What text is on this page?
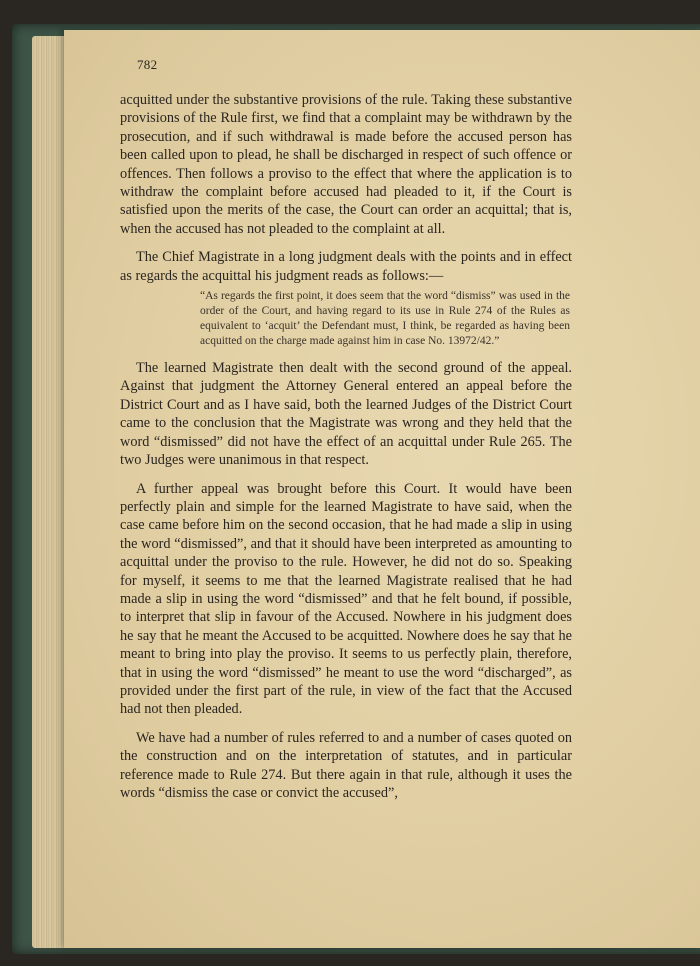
782

acquitted under the substantive provisions of the rule. Taking these substantive provisions of the Rule first, we find that a complaint may be withdrawn by the prosecution, and if such withdrawal is made before the accused person has been called upon to plead, he shall be discharged in respect of such offence or offences. Then follows a proviso to the effect that where the application is to withdraw the complaint before accused had pleaded to it, if the Court is satisfied upon the merits of the case, the Court can order an acquittal; that is, when the accused has not pleaded to the complaint at all.

The Chief Magistrate in a long judgment deals with the points and in effect as regards the acquittal his judgment reads as follows:—

“As regards the first point, it does seem that the word “dismiss” was used in the order of the Court, and having regard to its use in Rule 274 of the Rules as equivalent to ‘acquit’ the Defendant must, I think, be regarded as having been acquitted on the charge made against him in case No. 13972/42.”

The learned Magistrate then dealt with the second ground of the appeal. Against that judgment the Attorney General entered an appeal before the District Court and as I have said, both the learned Judges of the District Court came to the conclusion that the Magistrate was wrong and they held that the word “dismissed” did not have the effect of an acquittal under Rule 265. The two Judges were unanimous in that respect.

A further appeal was brought before this Court. It would have been perfectly plain and simple for the learned Magistrate to have said, when the case came before him on the second occasion, that he had made a slip in using the word “dismissed”, and that it should have been interpreted as amounting to acquittal under the proviso to the rule. However, he did not do so. Speaking for myself, it seems to me that the learned Magistrate realised that he had made a slip in using the word “dismissed” and that he felt bound, if possible, to interpret that slip in favour of the Accused. Nowhere in his judgment does he say that he meant the Accused to be acquitted. Nowhere does he say that he meant to bring into play the proviso. It seems to us perfectly plain, therefore, that in using the word “dismissed” he meant to use the word “discharged”, as provided under the first part of the rule, in view of the fact that the Accused had not then pleaded.

We have had a number of rules referred to and a number of cases quoted on the construction and on the interpretation of statutes, and in particular reference made to Rule 274. But there again in that rule, although it uses the words “dismiss the case or convict the accused”,
